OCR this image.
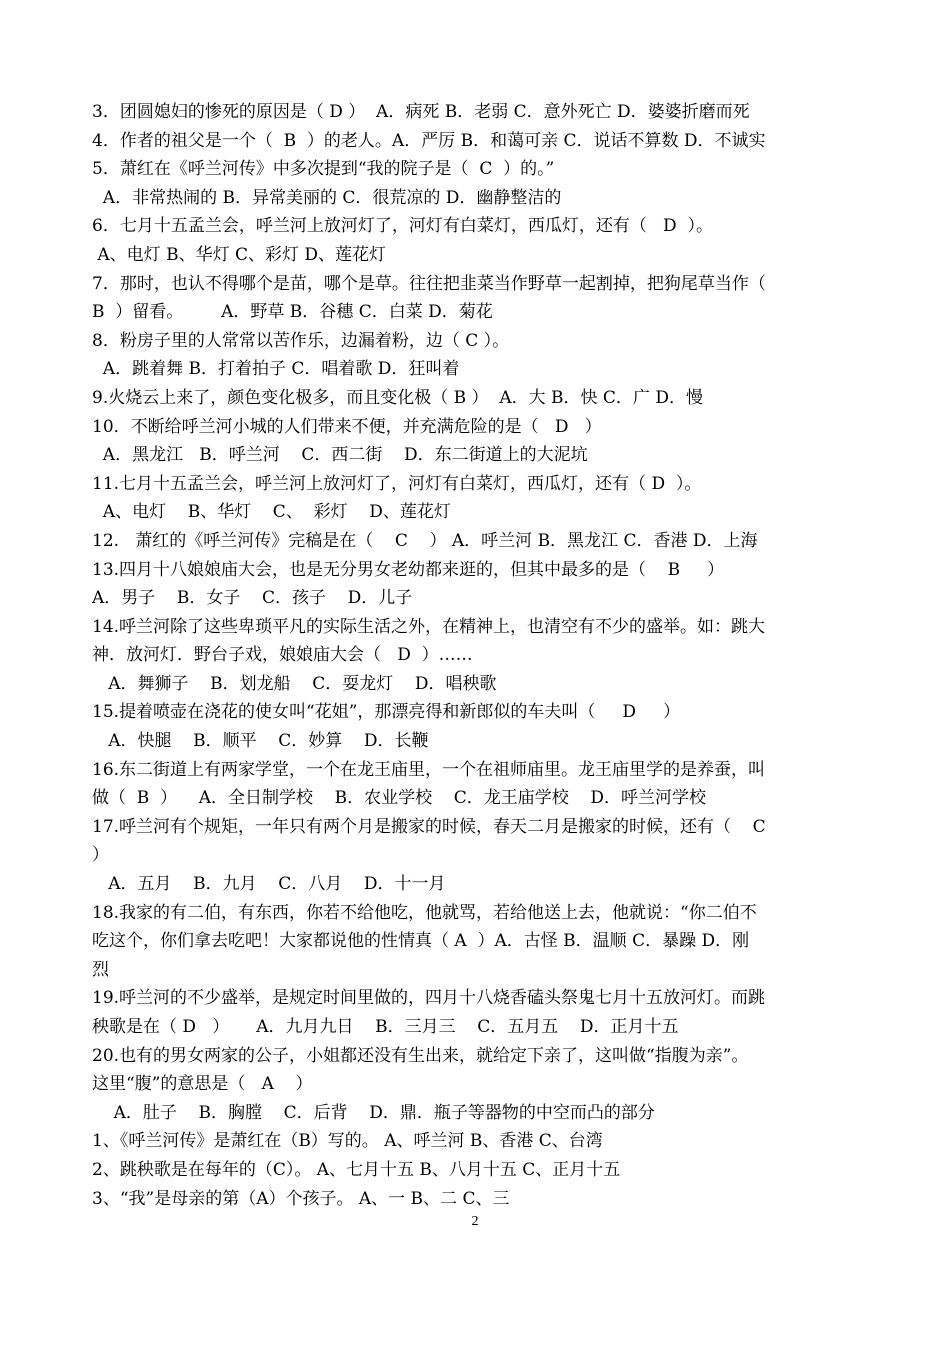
3．团圆媳妇的惨死的原因是（ D ）  A．病死 B．老弱 C．意外死亡 D．婆婆折磨而死
4．作者的祖父是一个（  B  ）的老人。A．严厉 B．和蔼可亲 C．说话不算数 D．不诚实
5．萧红在《呼兰河传》中多次提到“我的院子是（  C  ）的。”
A．非常热闹的 B．异常美丽的 C．很荒凉的 D．幽静整洁的
6．七月十五孟兰会，呼兰河上放河灯了，河灯有白菜灯，西瓜灯，还有（   D  ）。
A、电灯 B、华灯 C、彩灯 D、莲花灯
7．那时，也认不得哪个是苗，哪个是草。往往把韭菜当作野草一起割掉，把狗尾草当作（
B  ）留看。       A．野草 B．谷穗 C．白菜 D．菊花
8．粉房子里的人常常以苦作乐，边漏着粉，边（ C ）。
A．跳着舞 B．打着拍子 C．唱着歌 D．狂叫着
9.火烧云上来了，颜色变化极多，而且变化极（ B ）  A．大 B．快 C．广 D．慢
10．不断给呼兰河小城的人们带来不便，并充满危险的是（   D   ）
A．黑龙江   B．呼兰河    C．西二街    D．东二街道上的大泥坑
11.七月十五孟兰会，呼兰河上放河灯了，河灯有白菜灯，西瓜灯，还有（ D  ）。
A、电灯    B、华灯    C、  彩灯    D、莲花灯
12.   萧红的《呼兰河传》完稿是在（    C    ） A．呼兰河 B．黑龙江 C．香港 D．上海
13.四月十八娘娘庙大会，也是无分男女老幼都来逛的，但其中最多的是（    B     ）
A．男子    B．女子    C．孩子    D．儿子
14.呼兰河除了这些卑琐平凡的实际生活之外，在精神上，也清空有不少的盛举。如：跳大
神．放河灯．野台子戏，娘娘庙大会（   D  ）……
A．舞狮子    B．划龙船    C．耍龙灯    D．唱秧歌
15.提着喷壶在浇花的使女叫“花姐”，那漂亮得和新郎似的车夫叫（     D     ）
A．快腿    B．顺平    C．妙算    D．长鞭
16.东二街道上有两家学堂，一个在龙王庙里，一个在祖师庙里。龙王庙里学的是养蚕，叫
做（  B  ）    A．全日制学校    B．农业学校    C．龙王庙学校    D．呼兰河学校
17.呼兰河有个规矩，一年只有两个月是搬家的时候，春天二月是搬家的时候，还有（    C
）
A．五月    B．九月    C．八月    D．十一月
18.我家的有二伯，有东西，你若不给他吃，他就骂，若给他送上去，他就说：“你二伯不
吃这个，你们拿去吃吧！大家都说他的性情真（ A  ）A．古怪 B．温顺 C．暴躁 D．刚
烈
19.呼兰河的不少盛举，是规定时间里做的，四月十八烧香磕头祭鬼七月十五放河灯。而跳
秧歌是在（ D   ）     A．九月九日    B．三月三    C．五月五    D．正月十五
20.也有的男女两家的公子，小姐都还没有生出来，就给定下亲了，这叫做“指腹为亲”。
这里“腹”的意思是（   A    ）
A．肚子    B．胸膛    C．后背    D．鼎．瓶子等器物的中空而凸的部分
1、《呼兰河传》是萧红在（B）写的。 A、呼兰河 B、香港 C、台湾
2、跳秧歌是在每年的（C）。 A、七月十五 B、八月十五 C、正月十五
3、“我”是母亲的第（A）个孩子。 A、一 B、二 C、三
2
